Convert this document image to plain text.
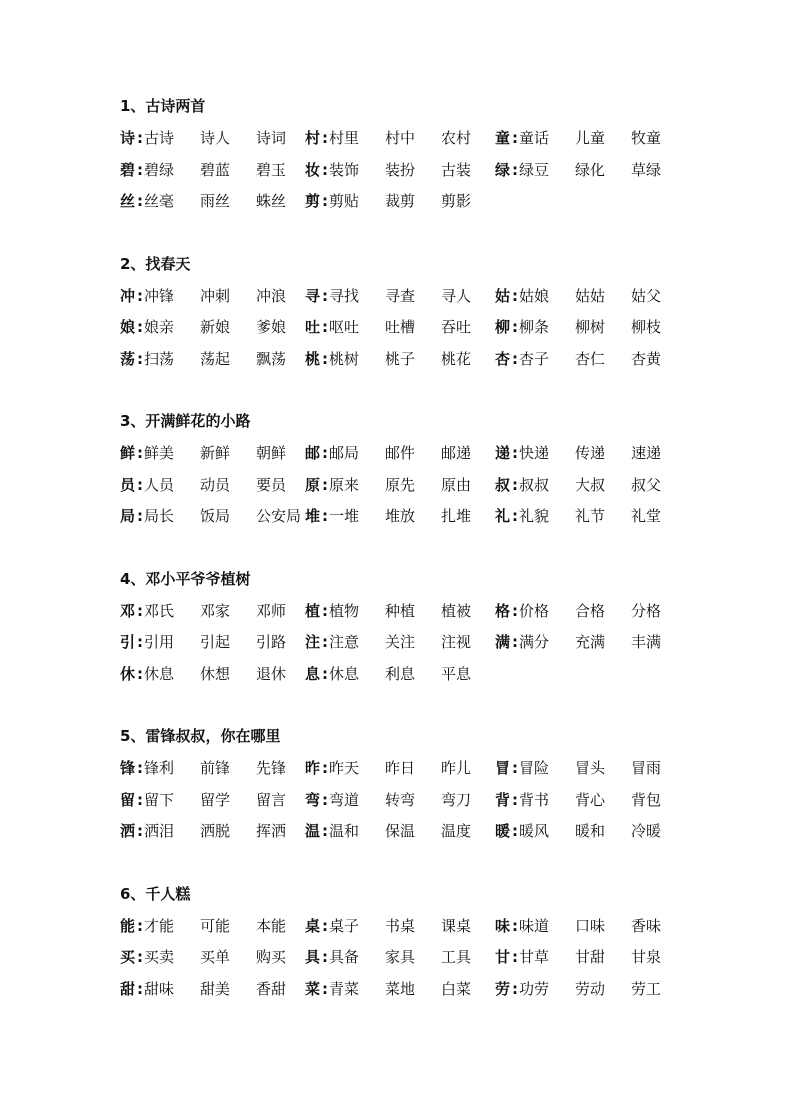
1、古诗两首
诗 : 古诗 诗人 诗词 村 : 村里 村中 农村 童 : 童话 儿童 牧童
碧 : 碧绿 碧蓝 碧玉 妆 : 装饰 装扮 古装 绿 : 绿豆 绿化 草绿
丝 : 丝毫 雨丝 蛛丝 剪 : 剪贴 裁剪 剪影
2、找春天
冲 : 冲锋 冲刺 冲浪 寻 : 寻找 寻查 寻人 姑 : 姑娘 姑姑 姑父
娘 : 娘亲 新娘 爹娘 吐 : 呕吐 吐槽 吞吐 柳 : 柳条 柳树 柳枝
荡 : 扫荡 荡起 飘荡 桃 : 桃树 桃子 桃花 杏 : 杏子 杏仁 杏黄
3、开满鲜花的小路
鲜 : 鲜美 新鲜 朝鲜 邮 : 邮局 邮件 邮递 递 : 快递 传递 速递
员 : 人员 动员 要员 原 : 原来 原先 原由 叔 : 叔叔 大叔 叔父
局 : 局长 饭局 公安局 堆 : 一堆 堆放 扎堆 礼 : 礼貌 礼节 礼堂
4、邓小平爷爷植树
邓 : 邓氏 邓家 邓师 植 : 植物 种植 植被 格 : 价格 合格 分格
引 : 引用 引起 引路 注 : 注意 关注 注视 满 : 满分 充满 丰满
休 : 休息 休想 退休 息 : 休息 利息 平息
5、雷锋叔叔，你在哪里
锋 : 锋利 前锋 先锋 昨 : 昨天 昨日 昨儿 冒 : 冒险 冒头 冒雨
留 : 留下 留学 留言 弯 : 弯道 转弯 弯刀 背 : 背书 背心 背包
洒 : 洒泪 洒脱 挥洒 温 : 温和 保温 温度 暖 : 暖风 暖和 冷暖
6、千人糕
能 : 才能 可能 本能 桌 : 桌子 书桌 课桌 味 : 味道 口味 香味
买 : 买卖 买单 购买 具 : 具备 家具 工具 甘 : 甘草 甘甜 甘泉
甜 : 甜味 甜美 香甜 菜 : 青菜 菜地 白菜 劳 : 功劳 劳动 劳工
